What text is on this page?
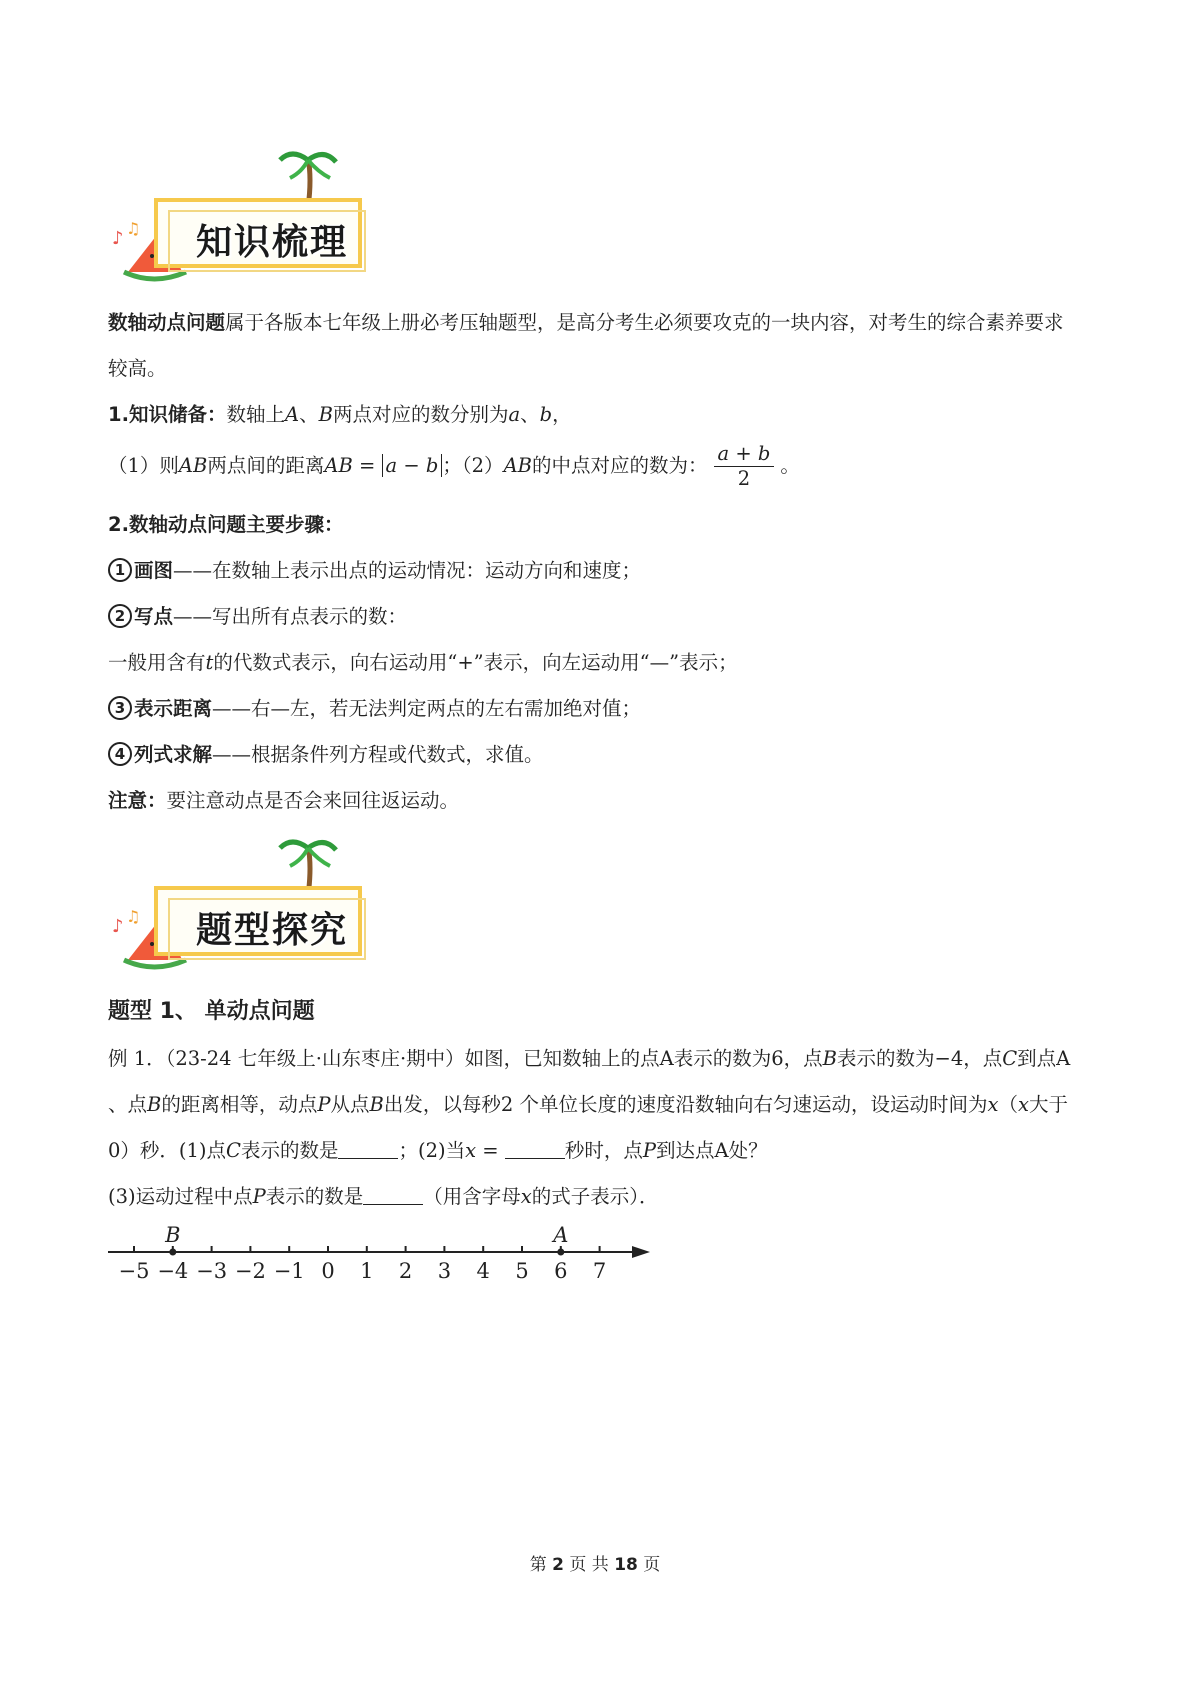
♪ ♫ 知识梳理
数轴动点问题属于各版本七年级上册必考压轴题型，是高分考生必须要攻克的一块内容，对考生的综合素养要求较高。
1.知识储备：数轴上A、B两点对应的数分别为a、b，
（1）则AB两点间的距离AB = a − b ；（2）AB的中点对应的数为： $\frac{a + b}{2}$ 。
2.数轴动点问题主要步骤：
1 画图——在数轴上表示出点的运动情况：运动方向和速度；
2 写点——写出所有点表示的数：
一般用含有t的代数式表示，向右运动用“+”表示，向左运动用“—”表示；
3 表示距离——右—左，若无法判定两点的左右需加绝对值；
4 列式求解——根据条件列方程或代数式，求值。
注意：要注意动点是否会来回往返运动。
♪ ♫ 题型探究
题型 1、 单动点问题
例 1．（23-24 七年级上·山东枣庄·期中）如图，已知数轴上的点A表示的数为6，点B表示的数为−4，点C到点A 、点B的距离相等，动点P从点B出发，以每秒2 个单位长度的速度沿数轴向右匀速运动，设运动时间为x（x大于0）秒．(1)点C表示的数是	；(2)当x =	秒时，点P到达点A处？
(3)运动过程中点P表示的数是	（用含字母x的式子表示）．
−5 −4 −3 −2 −1 0 1 2 3 4 5 6 7
B	A
第 2 页 共 18 页
